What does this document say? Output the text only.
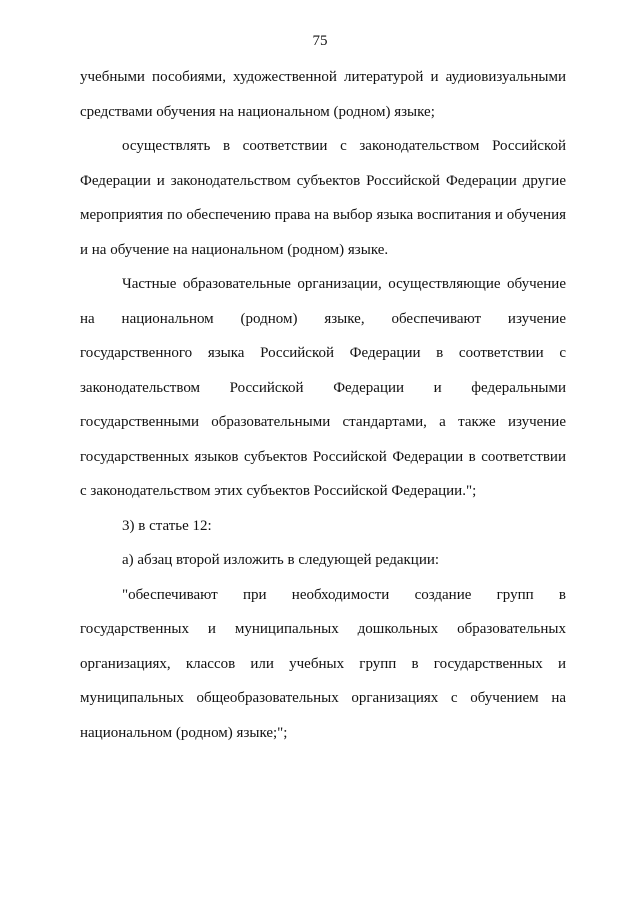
75
учебными пособиями, художественной литературой и аудиовизуальными
средствами обучения на национальном (родном) языке;
осуществлять в соответствии с законодательством Российской
Федерации и законодательством субъектов Российской Федерации другие
мероприятия по обеспечению права на выбор языка воспитания и обучения
и на обучение на национальном (родном) языке.
Частные образовательные организации, осуществляющие обучение
на национальном (родном) языке, обеспечивают изучение
государственного языка Российской Федерации в соответствии с
законодательством Российской Федерации и федеральными
государственными образовательными стандартами, а также изучение
государственных языков субъектов Российской Федерации в соответствии
с законодательством этих субъектов Российской Федерации.";
3) в статье 12:
а) абзац второй изложить в следующей редакции:
"обеспечивают при необходимости создание групп в
государственных и муниципальных дошкольных образовательных
организациях, классов или учебных групп в государственных и
муниципальных общеобразовательных организациях с обучением на
национальном (родном) языке;";
